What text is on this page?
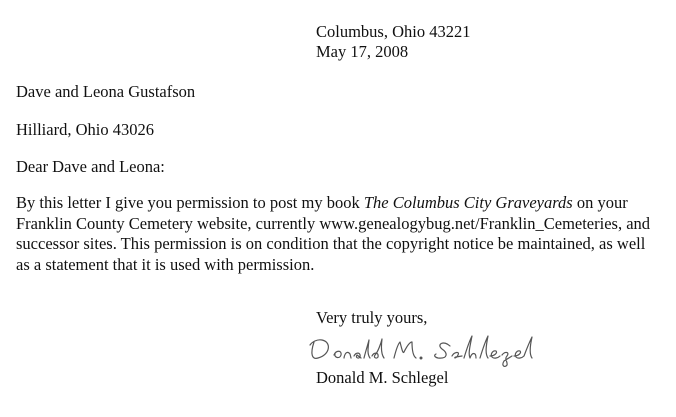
Columbus, Ohio 43221
May 17, 2008
Dave and Leona Gustafson
Hilliard, Ohio 43026
Dear Dave and Leona:
By this letter I give you permission to post my book The Columbus City Graveyards on your
Franklin County Cemetery website, currently www.genealogybug.net/Franklin_Cemeteries, and
successor sites. This permission is on condition that the copyright notice be maintained, as well
as a statement that it is used with permission.
Very truly yours,
Donald M. Schlegel
